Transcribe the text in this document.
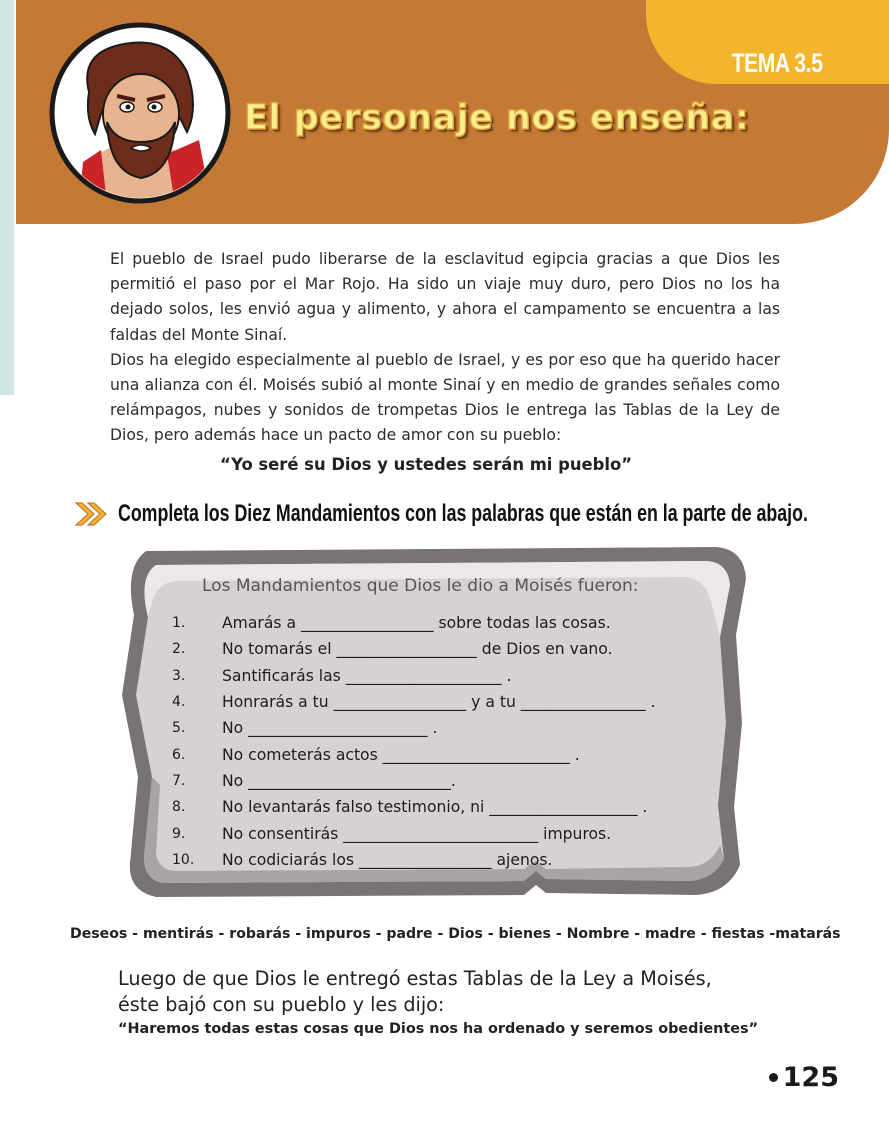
TEMA 3.5
El personaje nos enseña:

El pueblo de Israel pudo liberarse de la esclavitud egipcia gracias a que Dios les permitió el paso por el Mar Rojo. Ha sido un viaje muy duro, pero Dios no los ha dejado solos, les envió agua y alimento, y ahora el campamento se encuentra a las faldas del Monte Sinaí.

Dios ha elegido especialmente al pueblo de Israel, y es por eso que ha querido hacer una alianza con él. Moisés subió al monte Sinaí y en medio de grandes señales como relámpagos, nubes y sonidos de trompetas Dios le entrega las Tablas de la Ley de Dios, pero además hace un pacto de amor con su pueblo:

“Yo seré su Dios y ustedes serán mi pueblo”
Completa los Diez Mandamientos con las palabras que están en la parte de abajo.
Los Mandamientos que Dios le dio a Moisés fueron:
1.	Amarás a _________________ sobre todas las cosas.
2.	No tomarás el __________________ de Dios en vano.
3.	Santificarás las ____________________ .
4.	Honrarás a tu _________________ y a tu ________________ .
5.	No _______________________ .
6.	No cometerás actos ________________________ .
7.	No __________________________.
8.	No levantarás falso testimonio, ni ___________________ .
9.	No consentirás _________________________ impuros.
10.	No codiciarás los _________________ ajenos.
Deseos - mentirás - robarás - impuros - padre - Dios - bienes - Nombre - madre - fiestas -matarás
Luego de que Dios le entregó estas Tablas de la Ley a Moisés,
éste bajó con su pueblo y les dijo:
“Haremos todas estas cosas que Dios nos ha ordenado y seremos obedientes”
125
